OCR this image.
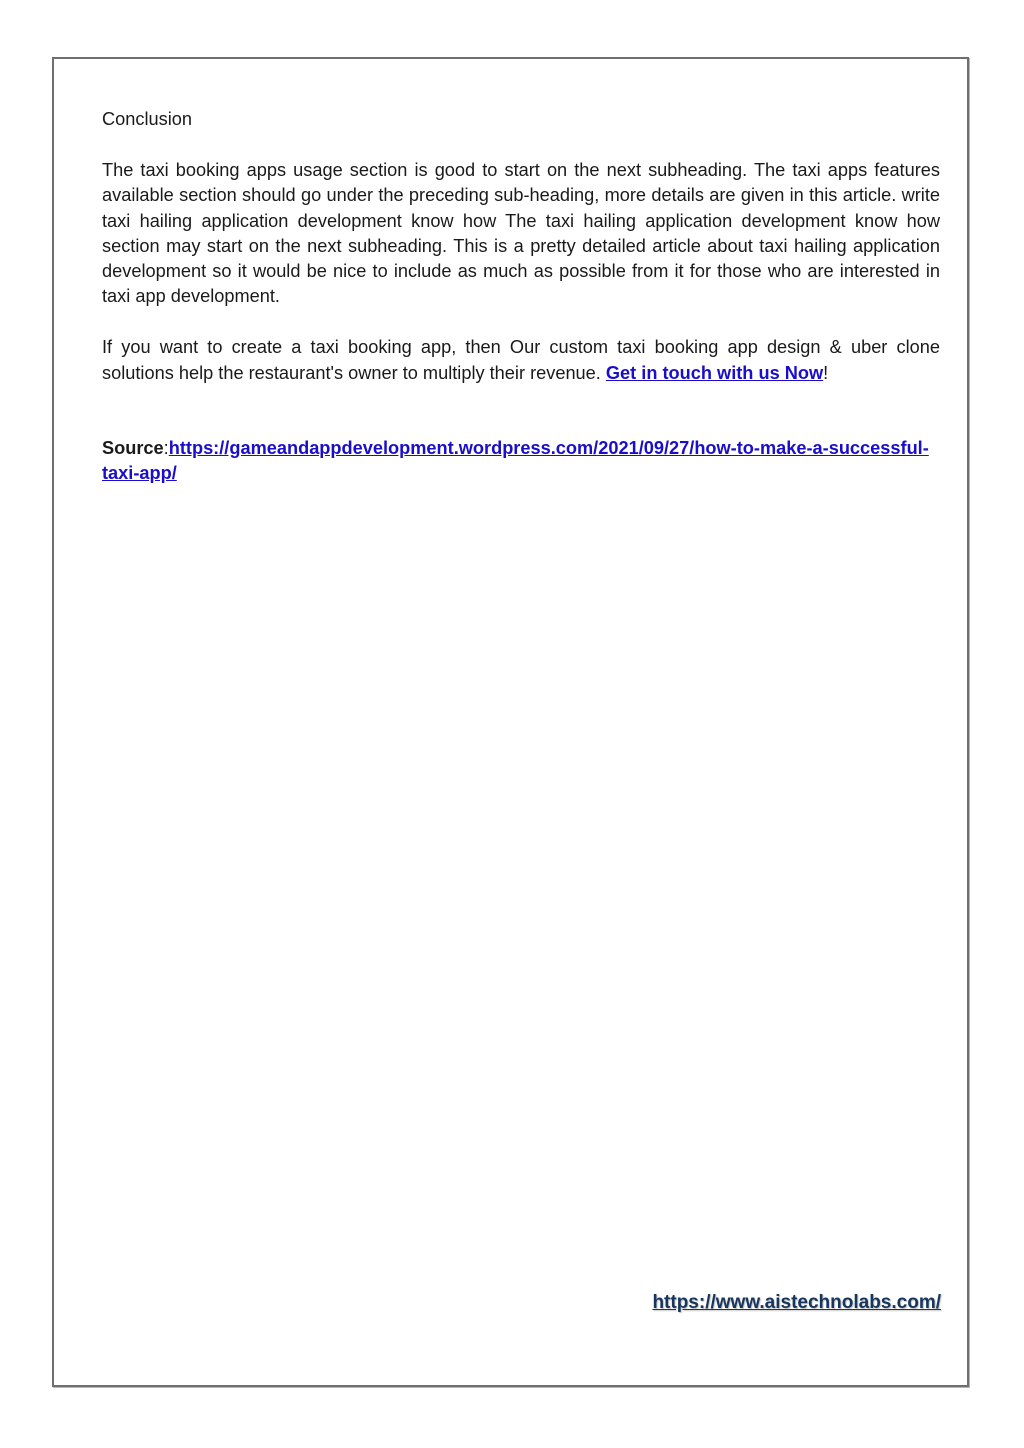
Conclusion

The taxi booking apps usage section is good to start on the next subheading. The taxi apps features available section should go under the preceding sub-heading, more details are given in this article. write taxi hailing application development know how The taxi hailing application development know how section may start on the next subheading. This is a pretty detailed article about taxi hailing application development so it would be nice to include as much as possible from it for those who are interested in taxi app development.

If you want to create a taxi booking app, then Our custom taxi booking app design & uber clone solutions help the restaurant's owner to multiply their revenue. Get in touch with us Now!

Source:https://gameandappdevelopment.wordpress.com/2021/09/27/how-to-make-a-successful-taxi-app/

https://www.aistechnolabs.com/
